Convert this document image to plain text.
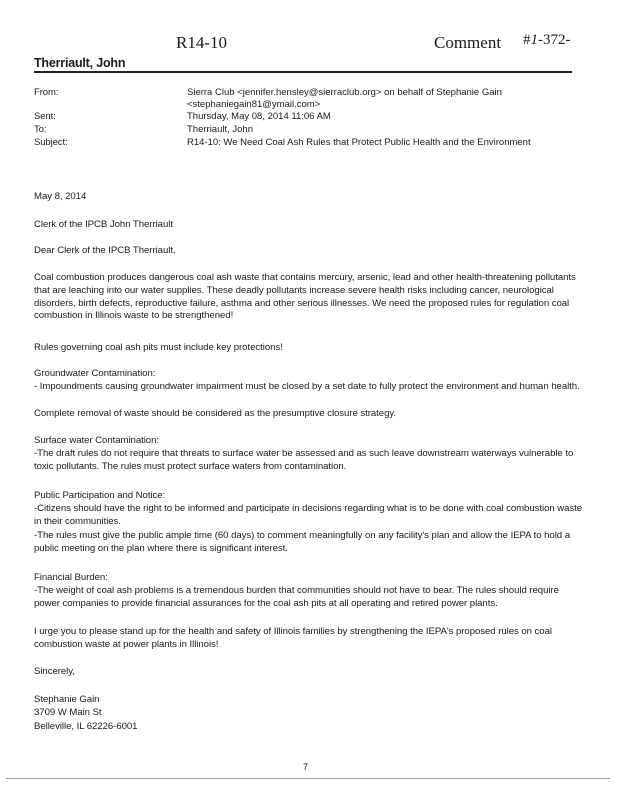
R14-10	Comment #1-372-
Therriault, John
From:	Sierra Club <jennifer.hensley@sierraclub.org> on behalf of Stephanie Gain
<stephaniegain81@ymail.com>
Sent:	Thursday, May 08, 2014 11:06 AM
To:	Therriault, John
Subject:	R14-10: We Need Coal Ash Rules that Protect Public Health and the Environment
May 8, 2014
Clerk of the IPCB John Therriault
Dear Clerk of the IPCB Therriault,
Coal combustion produces dangerous coal ash waste that contains mercury, arsenic, lead and other health-threatening pollutants that are leaching into our water supplies. These deadly pollutants increase severe health risks including cancer, neurological disorders, birth defects, reproductive failure, asthma and other serious illnesses. We need the proposed rules for regulation coal combustion in Illinois waste to be strengthened!
Rules governing coal ash pits must include key protections!
Groundwater Contamination:
- Impoundments causing groundwater impairment must be closed by a set date to fully protect the environment and human health.
Complete removal of waste should be considered as the presumptive closure strategy.
Surface water Contamination:
-The draft rules do not require that threats to surface water be assessed and as such leave downstream waterways vulnerable to toxic pollutants. The rules must protect surface waters from contamination.
Public Participation and Notice:
-Citizens should have the right to be informed and participate in decisions regarding what is to be done with coal combustion waste in their communities.
-The rules must give the public ample time (60 days) to comment meaningfully on any facility's plan and allow the IEPA to hold a public meeting on the plan where there is significant interest.
Financial Burden:
-The weight of coal ash problems is a tremendous burden that communities should not have to bear. The rules should require power companies to provide financial assurances for the coal ash pits at all operating and retired power plants.
I urge you to please stand up for the health and safety of Illinois families by strengthening the IEPA's proposed rules on coal combustion waste at power plants in Illinois!
Sincerely,
Stephanie Gain
3709 W Main St
Belleville, IL 62226-6001
7
